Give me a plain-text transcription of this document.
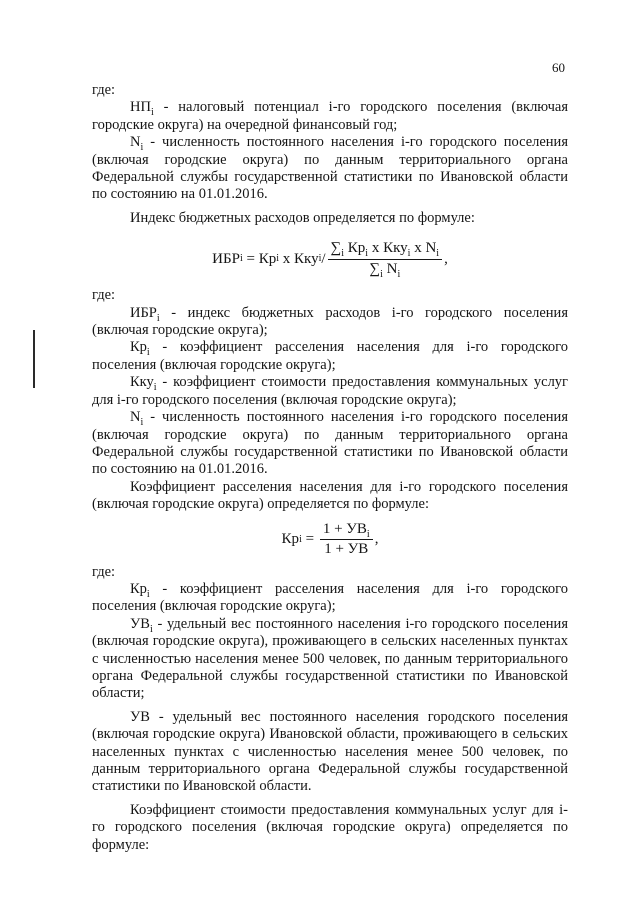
60

где:

$НП_i$ - налоговый потенциал i-го городского поселения (включая городские округа) на очередной финансовый год;

$N_i$ - численность постоянного населения i-го городского поселения (включая городские округа) по данным территориального органа Федеральной службы государственной статистики по Ивановской области по состоянию на 01.01.2016.

Индекс бюджетных расходов определяется по формуле:

ИБР i = Кр i x Кку i / $\frac{\sum_i Кр_i x Кку_i x N_i}{\sum_i N_i}$ ,

где:

$ИБР_i$ - индекс бюджетных расходов i-го городского поселения (включая городские округа);

$Кр_i$ - коэффициент расселения населения для i-го городского поселения (включая городские округа);

Кку$_i$ - коэффициент стоимости предоставления коммунальных услуг для i-го городского поселения (включая городские округа);

$N_i$ - численность постоянного населения i-го городского поселения (включая городские округа) по данным территориального органа Федеральной службы государственной статистики по Ивановской области по состоянию на 01.01.2016.

Коэффициент расселения населения для i-го городского поселения (включая городские округа) определяется по формуле:

Кр $i = \frac{1 + УВ_i}{1 + УВ}$ ,

где:

$Кр_i$ - коэффициент расселения населения для i-го городского поселения (включая городские округа);

$УВ_i$ - удельный вес постоянного населения i-го городского поселения (включая городские округа), проживающего в сельских населенных пунктах с численностью населения менее 500 человек, по данным территориального органа Федеральной службы государственной статистики по Ивановской области;

УВ - удельный вес постоянного населения городского поселения (включая городские округа) Ивановской области, проживающего в сельских населенных пунктах с численностью населения менее 500 человек, по данным территориального органа Федеральной службы государственной статистики по Ивановской области.

Коэффициент стоимости предоставления коммунальных услуг для i-го городского поселения (включая городские округа) определяется по формуле:
